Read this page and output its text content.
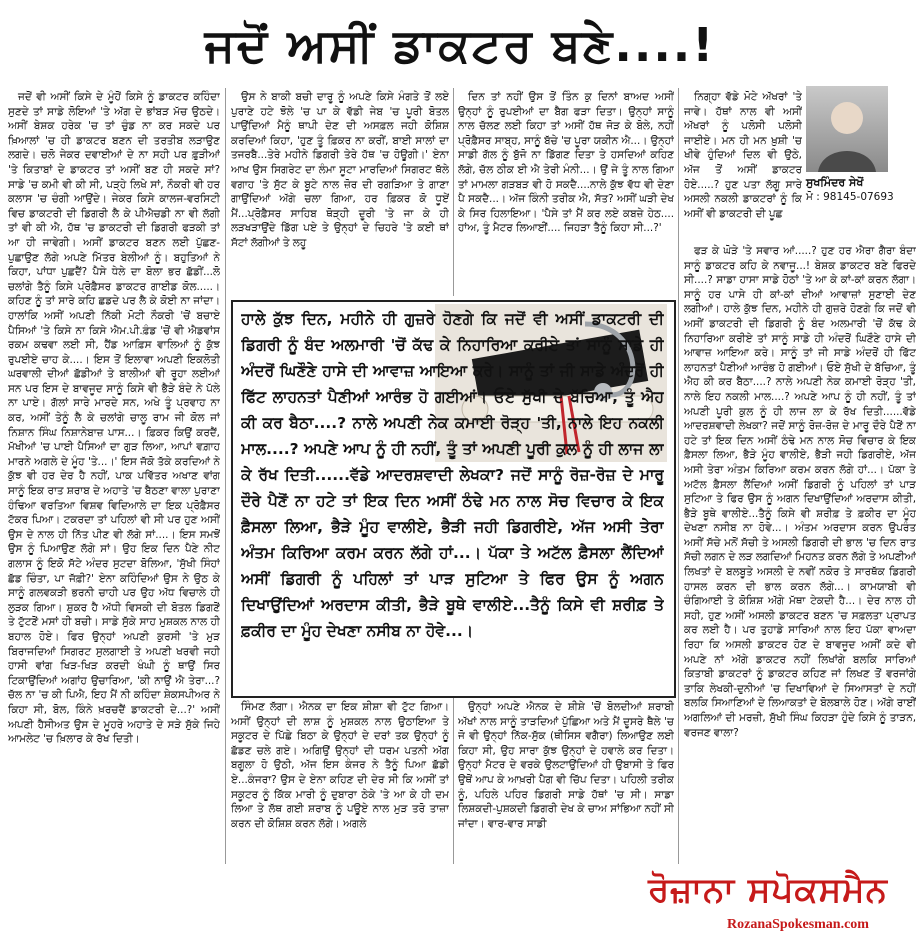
ਜਦੋਂ ਅਸੀਂ ਡਾਕਟਰ ਬਣੇ....!

ਜਦੋਂ ਵੀ ਅਸੀਂ ਕਿਸੇ ਦੇ ਮੂੰਹੋਂ ਕਿਸੇ ਨੂੰ ਡਾਕਟਰ ਕਹਿੰਦਾ ਸੁਣਦੇ ਤਾਂ ਸਾਡੇ ਲੋਇਆਂ 'ਤੇ ਅੱਗ ਦੇ ਭਾਂਬੜ ਮੱਚ ਉਠਦੇ। ਅਸੀਂ ਬੇਸ਼ਕ ਹਰੇਕ 'ਚ ਤਾਂ ਚੁੰਡ ਨਾ ਕਰ ਸਕਦੇ ਪਰ ਖ਼ਿਆਲਾਂ 'ਚ ਹੀ ਡਾਕਟਰ ਬਣਨ ਦੀ ਤਰਤੀਬ ਲੜਾਉਣ ਲਗਦੇ। ਚਲੋ ਜੇਕਰ ਦਵਾਈਆਂ ਦੇ ਨਾ ਸਹੀ ਪਰ ਫ਼ੁੜੀਆਂ 'ਤੇ ਕਿਤਾਬਾਂ ਦੇ ਡਾਕਟਰ ਤਾਂ ਅਸੀਂ ਬਣ ਹੀ ਸਕਦੇ ਸਾਂ? ਸਾਡੇ 'ਚ ਕਮੀ ਵੀ ਕੀ ਸੀ, ਪੜ੍ਹੇ ਲਿਖੇ ਸਾਂ, ਨੌਕਰੀ ਵੀ ਹਰ ਕਲਾਸ 'ਚ ਚੰਗੀ ਆਉਂਦੇ। ਜੇਕਰ ਕਿਸੇ ਕਾਲਜ-ਵਰਸਿਟੀ ਵਿਚ ਡਾਕਟਰੀ ਦੀ ਡਿਗਰੀ ਲੈ ਕੇ ਪੀਐਚਡੀ ਨਾ ਵੀ ਲੱਗੀ ਤਾਂ ਵੀ ਕੀ ਐ, ਹੱਥ 'ਚ ਡਾਕਟਰੀ ਦੀ ਡਿਗਰੀ ਫੜਕੀ ਤਾਂ ਆ ਹੀ ਜਾਵੇਗੀ। ਅਸੀਂ ਡਾਕਟਰ ਬਣਨ ਲਈ ਪੁੱਛਣ-ਪੁਛਾਉਣ ਲੱਗੇ ਅਪਣੇ ਮਿੱਤਰ ਬੇਲੀਆਂ ਨੂੰ। ਬਹੁਤਿਆਂ ਨੇ ਕਿਹਾ, ਪਾਂਧਾ ਪੁਛਦੈਂ? ਪੈਸੇ ਧੇਲੇ ਦਾ ਬੋਲਾ ਭਰ ਛੱਡੀਂ...ਲੋ ਚਲਾਂਗੇ ਤੈਨੂੰ ਕਿਸੇ ਪ੍ਰੋਫ਼ੈਸਰ ਡਾਕਟਰ ਗਾਈਡ ਕੋਲ.....। ਕਹਿਣ ਨੂੰ ਤਾਂ ਸਾਰੇ ਕਹਿ ਛਡਦੇ ਪਰ ਲੈ ਕੇ ਕੋਈ ਨਾ ਜਾਂਦਾ। ਹਾਲਾਂਕਿ ਅਸੀਂ ਅਪਣੀ ਨਿੱਕੀ ਮੋਟੀ ਨੌਕਰੀ 'ਚੋਂ ਬਚਾਏ ਪੈਸਿਆਂ 'ਤੇ ਕਿਸੇ ਨਾ ਕਿਸੇ ਐਮ.ਪੀ.ਫ਼ੰਡ 'ਚੋਂ ਵੀ ਐਡਵਾਂਸ ਰਕਮ ਕਢਵਾ ਲਈ ਸੀ, ਹੈਂਡ ਆਫ਼ਿਸ ਵਾਲਿਆਂ ਨੂੰ ਕੁੱਝ ਰੁਪਈਏ ਚਾਹ ਕੇ....। ਇਸ ਤੋਂ ਇਲਾਵਾ ਅਪਣੀ ਇਕਲੋਤੀ ਘਰਵਾਲੀ ਦੀਆਂ ਛੱਡੀਆਂ ਤੇ ਬਾਲੀਆਂ ਵੀ ਰੂਹਾ ਲਈਆਂ ਸਨ ਪਰ ਇਸ ਦੇ ਬਾਵਜੂਦ ਸਾਨੂੰ ਕਿਸੇ ਵੀ ਭੈੜੇ ਬੰਦੇ ਨੇ ਪੱਲੇ ਨਾ ਪਾਏ। ਗੱਲਾਂ ਸਾਰੇ ਮਾਰਦੇ ਸਨ, ਅਖੇ ਤੂੰ ਪ੍ਰਵਾਹ ਨਾ ਕਰ, ਅਸੀਂ ਤੇਨੂੰ ਲੈ ਕੇ ਚਲਾਂਗੇ ਚਾਲੂ ਰਾਮ ਜੀ ਕੋਲ ਜਾਂ ਨਿਸ਼ਾਨ ਸਿੰਘ ਨਿਸ਼ਾਨੇਬਾਜ਼ ਪਾਸ...। ਫ਼ਿਕਰ ਕਿਉਂ ਕਰਦੈਂ, ਮੱਖੀਆਂ 'ਚ ਪਾਈ ਪੈਸਿਆਂ ਦਾ ਗੁੜ ਲਿਆ, ਆਪਾਂ ਵਗ਼ਾਹ ਮਾਰਨੇ ਅਗਲੇ ਦੇ ਮੂੰਹ 'ਤੇ...।' ਇਸ ਜੱਕੋ ਤੱਕੇ ਕਰਦਿਆਂ ਨੇ ਕੁੱਝ ਵੀ ਹਰ ਦੇਰ ਹੈ ਨਹੀਂ, ਪਾਕ ਪਵਿੱਤਰ ਅਖਾਣ ਵਾਂਗ ਸਾਨੂੰ ਇਕ ਰਾਤ ਸ਼ਰਾਬ ਦੇ ਅਹਾਤੇ 'ਚ ਬੈਠਣਾ ਵਾਲਾ ਪੁਰਾਣਾ ਹੰਢਿਆ ਵਰਤਿਆ ਵਿਸ਼ਵ ਵਿਦਿਆਲੇ ਦਾ ਇਕ ਪ੍ਰੋਫ਼ੈਸਰ ਟੱਕਰ ਪਿਆ। ਟਕਰਦਾ ਤਾਂ ਪਹਿਲਾਂ ਵੀ ਸੀ ਪਰ ਹੁਣ ਅਸੀਂ ਉਸ ਦੇ ਨਾਲ ਹੀ ਨਿੱਤ ਪੀਣ ਵੀ ਲੱਗੇ ਸਾਂ....। ਇਸ ਸਮਝੋਂ ਉਸ ਨੂੰ ਪਿਆਉਣ ਲੱਗੇ ਸਾਂ। ਉਹ ਇਕ ਦਿਨ ਪੈਣੇ ਨੀਟ ਗਲਾਸ ਨੂੰ ਇਕੋ ਸੱਟੇ ਅੰਦਰ ਸੁਟਦਾ ਬੋਲਿਆ, 'ਸੁੱਖੀ ਸਿੰਹਾਂ ਛੱਡ ਚਿੰਤਾ, ਪਾ ਜੱਫ਼ੀ?' ਏਨਾ ਕਹਿੰਦਿਆਂ ਉਸ ਨੇ ਉਠ ਕੇ ਸਾਨੂੰ ਗਲਵਕੜੀ ਭਰਨੀ ਚਾਹੀ ਪਰ ਉਹ ਅੱਧ ਵਿਚਾਲੇ ਹੀ ਲੁੜਕ ਗਿਆ। ਸ਼ੁਕਰ ਹੈ ਅੱਧੀ ਵਿਸਕੀ ਦੀ ਬੋਤਲ ਡਿਗਣੋਂ ਤੇ ਟੁੱਟਣੋਂ ਮਸਾਂ ਹੀ ਬਚੀ। ਸਾਡੇ ਸੁੱਕੇ ਸਾਹ ਮੁਸ਼ਕਲ ਨਾਲ ਹੀ ਬਹਾਲ ਹੋਏ। ਫਿਰ ਉਨ੍ਹਾਂ ਅਪਣੀ ਕੁਰਸੀ 'ਤੇ ਮੁੜ ਬਿਰਾਜਦਿਆਂ ਸਿਗਰਟ ਸੁਲਗਾਈ ਤੇ ਅਪਣੀ ਖਰਵੀ ਜਹੀ ਹਾਸੀ ਵਾਂਗ ਖਿੜ-ਖਿੜ ਕਰਦੀ ਖੰਘੀ ਨੂੰ ਥਾਉਂ ਸਿਰ ਟਿਕਾਉਂਦਿਆਂ ਅਗਾਂਹ ਉਚਾਰਿਆ, 'ਕੀ ਨਾਉਂ ਐ ਤੇਰਾ...? ਚੱਲ ਨਾ 'ਚ ਕੀ ਪਿਐ, ਇਹ ਮੈਂ ਨੀ ਕਹਿੰਦਾ ਸ਼ੇਕਸਪੀਅਰ ਨੇ ਕਿਹਾ ਸੀ, ਬੋਲ, ਕਿੰਨੇ ਖ਼ਰਚਦੈਂ ਡਾਕਟਰੀ ਦੇ...?' ਅਸੀਂ ਅਪਣੀ ਹੈਸੀਅਤ ਉਸ ਦੇ ਮੂਹਰੇ ਅਹਾਤੇ ਦੇ ਸੜੇ ਸੁੱਕੇ ਜਿਹੇ ਆਮਲੇਟ 'ਚ ਖ਼ਿਲਾਰ ਕੇ ਰੱਖ ਦਿਤੀ।

ਉਸ ਨੇ ਬਾਕੀ ਬਚੀ ਦਾਰੂ ਨੂੰ ਅਪਣੇ ਕਿਸੇ ਮੰਗਤੇ ਤੋਂ ਲਏ ਪੁਰਾਣੇ ਹਟੇ ਝੋਲੇ 'ਚ ਪਾ ਕੇ ਵੱਡੀ ਜੇਬ 'ਚ ਪੂਰੀ ਬੋਤਲ ਪਾਉਂਦਿਆਂ ਮੈਨੂੰ ਥਾਪੀ ਦੇਣ ਦੀ ਅਸਫ਼ਲ ਜਹੀ ਕੋਸ਼ਿਸ਼ ਕਰਦਿਆਂ ਕਿਹਾ, 'ਹੁਣ ਤੂੰ ਫ਼ਿਕਰ ਨਾ ਕਰੀਂ, ਬਾਈ ਸਾਲਾਂ ਦਾ ਤਜਰਬੈ...ਤੇਰੇ ਮਹੀਨੇ ਡਿਗਰੀ ਤੇਰੇ ਹੱਥ 'ਚ ਹੋਊਗੀ।' ਏਨਾ ਆਖ ਉਸ ਸਿਗਰੇਟ ਦਾ ਲੰਮਾ ਸੂਟਾ ਮਾਰਦਿਆਂ ਸਿਗਰਟ ਥੱਲੇ ਵਗਾਹ 'ਤੇ ਸੁੱਟ ਕੇ ਬੂਟੇ ਨਾਲ ਜ਼ੋਰ ਦੀ ਰਗੜਿਆ ਤੇ ਗਾਣਾ ਗਾਉਂਦਿਆਂ ਅੱਗੇ ਚਲਾ ਗਿਆ, ਹਰ ਫ਼ਿਕਰ ਕੋ ਧੂਏਂ ਮੈਂ...ਪ੍ਰੋਫ਼ੈਸਰ ਸਾਹਿਬ ਥੋੜ੍ਹੀ ਦੂਰੀ 'ਤੇ ਜਾ ਕੇ ਹੀ ਲੜਖੜਾਉਂਦੇ ਡਿੱਗ ਪਏ ਤੇ ਉਨ੍ਹਾਂ ਦੇ ਚਿਹਰੇ 'ਤੇ ਕਈ ਥਾਂ ਸੱਟਾਂ ਲੱਗੀਆਂ ਤੇ ਲਹੂ

ਸਿੰਮਣ ਲੱਗਾ। ਐਨਕ ਦਾ ਇਕ ਸ਼ੀਸ਼ਾ ਵੀ ਟੁੱਟ ਗਿਆ। ਅਸੀਂ ਉਨ੍ਹਾਂ ਦੀ ਲਾਸ਼ ਨੂੰ ਮੁਸ਼ਕਲ ਨਾਲ ਉਠਾਇਆ ਤੇ ਸਕੂਟਰ ਦੇ ਪਿੱਛੇ ਬਿਠਾ ਕੇ ਉਨ੍ਹਾਂ ਦੇ ਦਰਾਂ ਤਕ ਉਨ੍ਹਾਂ ਨੂੰ ਛੱਡਣ ਚਲੇ ਗਏ। ਅਗਿਉਂ ਉਨ੍ਹਾਂ ਦੀ ਧਰਮ ਪਤਨੀ ਅੱਗ ਬਗੂਲਾ ਹੋ ਉਠੀ, ਅੱਜ ਇਸ ਕੰਜਰ ਨੇ ਤੈਨੂੰ ਪਿਆ ਛੱਡੀ ਏ...ਕੰਜਰਾ? ਉਸ ਦੇ ਏਨਾ ਕਹਿਣ ਦੀ ਦੇਰ ਸੀ ਕਿ ਅਸੀਂ ਤਾਂ ਸਕੂਟਰ ਨੂੰ ਕਿੱਕ ਮਾਰੀ ਨੂੰ ਦੁਬਾਰਾ ਠੇਕੇ 'ਤੇ ਆ ਕੇ ਹੀ ਦਮ ਲਿਆ ਤੇ ਲੱਥ ਗਈ ਸ਼ਰਾਬ ਨੂੰ ਪਊਏ ਨਾਲ ਮੁੜ ਤਰੋ ਤਾਜ਼ਾ ਕਰਨ ਦੀ ਕੋਸ਼ਿਸ਼ ਕਰਨ ਲੱਗੇ। ਅਗਲੇ

ਦਿਨ ਤਾਂ ਨਹੀਂ ਉਸ ਤੋਂ ਤਿੰਨ ਕੁ ਦਿਨਾਂ ਬਾਅਦ ਅਸੀਂ ਉਨ੍ਹਾਂ ਨੂੰ ਰੁਪਈਆਂ ਦਾ ਬੈਗ ਫੜਾ ਦਿਤਾ। ਉਨ੍ਹਾਂ ਸਾਨੂੰ ਨਾਲ ਚੱਲਣ ਲਈ ਕਿਹਾ ਤਾਂ ਅਸੀਂ ਹੱਥ ਜੋੜ ਕੇ ਬੋਲੇ, ਨਹੀਂ ਪ੍ਰੋਫ਼ੈਸਰ ਸਾਬ੍ਹ, ਸਾਨੂੰ ਬੱਚੇ 'ਚ ਪੂਰਾ ਯਕੀਨ ਐ...। ਉਨ੍ਹਾਂ ਸਾਡੀ ਗੱਲ ਨੂੰ ਬੁੱਜੋ ਨਾ ਡਿੱਗਣ ਦਿਤਾ ਤੇ ਹਸਦਿਆਂ ਕਹਿਣ ਲੱਗੇ, ਚੱਲ ਠੀਕ ਈ ਐ ਤੇਰੀ ਮੰਨੀ...। ਉਂ ਜੇ ਤੂੰ ਨਾਲ ਗਿਆ ਤਾਂ ਮਾਮਲਾ ਗੜਬੜ ਵੀ ਹੋ ਸਕਦੈ....ਨਾਲੇ ਕੁੱਝ ਵੱਧ ਵੀ ਦੇਣਾ ਪੈ ਸਕਦੈ...। ਅੱਜ ਕਿੰਨੀ ਤਰੀਕ ਐ, ਸੱਤ? ਅਸੀਂ ਘੜੀ ਦੇਖ ਕੇ ਸਿਰ ਹਿਲਾਇਆ। 'ਪੈਸੇ ਤਾਂ ਮੈਂ ਕਰ ਲਏ ਕਬਜ਼ੇ ਹੇਠ.... ਹਾਂਅ, ਤੂੰ ਮੈਟਰ ਲਿਆਈਂ.... ਜਿਹੜਾ ਤੈਨੂੰ ਕਿਹਾ ਸੀ...?'

ਉਨ੍ਹਾਂ ਅਪਣੇ ਐਨਕ ਦੇ ਸ਼ੀਸ਼ੇ 'ਚੋਂ ਬੋਲਦੀਆਂ ਸ਼ਰਾਬੀ ਅੱਖਾਂ ਨਾਲ ਸਾਨੂੰ ਤਾੜਦਿਆਂ ਪੁੱਛਿਆ ਅਤੇ ਮੈਂ ਦੂਸਰੇ ਥੈਲੇ 'ਚ ਜੋ ਵੀ ਉਨ੍ਹਾਂ ਨਿੱਕ-ਸੁੱਕ (ਥੀਸਿਸ ਵਗੈਰਾ) ਲਿਆਉਣ ਲਈ ਕਿਹਾ ਸੀ, ਉਹ ਸਾਰਾ ਕੁੱਝ ਉਨ੍ਹਾਂ ਦੇ ਹਵਾਲੇ ਕਰ ਦਿਤਾ। ਉਨ੍ਹਾਂ ਮੈਟਰ ਦੇ ਵਰਕੇ ਉਲਟਾਉਂਦਿਆਂ ਹੀ ਉਬਾਸੀ ਤੇ ਫਿਰ ਉਥੋਂ ਆਪ ਕੇ ਆਖ਼ਰੀ ਪੈਗ ਵੀ ਚਿੱਪ ਦਿਤਾ। ਪਹਿਲੀ ਤਰੀਕ ਨੂੰ, ਪਹਿਲੇ ਪਹਿਰ ਡਿਗਰੀ ਸਾਡੇ ਹੱਥਾਂ 'ਚ ਸੀ। ਸਾਡਾ ਲਿਸ਼ਕਦੀ-ਪੁਸ਼ਕਦੀ ਡਿਗਰੀ ਦੇਖ ਕੇ ਚਾਅ ਸਾਂਭਿਆ ਨਹੀਂ ਸੀ ਜਾਂਦਾ। ਵਾਰ-ਵਾਰ ਸਾਡੀ

ਨਿਗ੍ਹਾ ਵੱਡੇ ਮੋਟੇ ਅੱਖਰਾਂ 'ਤੇ ਜਾਵੇ। ਹੱਥਾਂ ਨਾਲ ਵੀ ਅਸੀਂ ਅੱਖਰਾਂ ਨੂੰ ਪਲੋਸੀ ਪਲੋਸੀ ਜਾਈਏ। ਮਨ ਹੀ ਮਨ ਖ਼ੁਸ਼ੀ 'ਚ ਖੀਵੇ ਹੁੰਦਿਆਂ ਦਿਲ ਵੀ ਉਠੇ, ਅੱਜ ਤੋਂ ਅਸੀਂ ਡਾਕਟਰ ਹੋਏ.....? ਹੁਣ ਪਤਾ ਲੱਗੂ ਸਾਰੇ ਅਸਲੀ ਨਕਲੀ ਡਾਕਟਰਾਂ ਨੂੰ ਕਿ ਅਸੀਂ ਵੀ ਡਾਕਟਰੀ ਦੀ ਪੂਛ

ਸੁਖਮਿੰਦਰ ਸੇਖੋਂ
ਮੋ : 98145-07693

ਫੜ ਕੇ ਘੋੜੇ 'ਤੇ ਸਵਾਰ ਆਂ.....? ਹੁਣ ਹਰ ਐਰਾ ਗੈਰਾ ਬੰਦਾ ਸਾਨੂੰ ਡਾਕਟਰ ਕਹਿ ਕੇ ਨਵਾਜੂ...! ਬੇਸ਼ਕ ਡਾਕਟਰ ਬਣੇ ਫਿਰਦੇ ਸੀ....? ਸਾਡਾ ਹਾਸਾ ਸਾਡੇ ਹੋਠਾਂ 'ਤੇ ਆ ਕੇ ਕਾਂ-ਕਾਂ ਕਰਨ ਲੱਗਾ। ਸਾਨੂੰ ਹਰ ਪਾਸੇ ਹੀ ਕਾਂ-ਕਾਂ ਦੀਆਂ ਆਵਾਜ਼ਾਂ ਸੁਣਾਈ ਦੇਣ ਲਗੀਆਂ। ਹਾਲੇ ਕੁੱਝ ਦਿਨ, ਮਹੀਨੇ ਹੀ ਗੁਜ਼ਰੇ ਹੋਣਗੇ ਕਿ ਜਦੋਂ ਵੀ ਅਸੀਂ ਡਾਕਟਰੀ ਦੀ ਡਿਗਰੀ ਨੂੰ ਬੰਦ ਅਲਮਾਰੀ 'ਚੋਂ ਕੱਢ ਕੇ ਨਿਹਾਰਿਆ ਕਰੀਏ ਤਾਂ ਸਾਨੂੰ ਸਾਡੇ ਹੀ ਅੰਦਰੋਂ ਘਿਣੌਣੇ ਹਾਸੇ ਦੀ ਆਵਾਜ਼ ਆਇਆ ਕਰੇ। ਸਾਨੂੰ ਤਾਂ ਜੀ ਸਾਡੇ ਅੰਦਰੋਂ ਹੀ ਫਿੱਟ ਲਾਹਨਤਾਂ ਪੈਣੀਆਂ ਆਰੰਭ ਹੋ ਗਈਆਂ। ਓਏ ਸੁੱਖੀ ਦੇ ਬੱਚਿਆ, ਤੂੰ ਐਹ ਕੀ ਕਰ ਬੈਠਾ....? ਨਾਲੇ ਅਪਣੀ ਨੇਕ ਕਮਾਈ ਰੋੜ੍ਹ 'ਤੀ, ਨਾਲੇ ਇਹ ਨਕਲੀ ਮਾਲ....? ਅਪਣੇ ਆਪ ਨੂੰ ਹੀ ਨਹੀਂ, ਤੂੰ ਤਾਂ ਅਪਣੀ ਪੂਰੀ ਕੁਲ ਨੂੰ ਹੀ ਲਾਜ ਲਾ ਕੇ ਰੱਖ ਦਿਤੀ......ਵੱਡੇ ਆਦਰਸ਼ਵਾਦੀ ਲੇਖਕਾ? ਜਦੋਂ ਸਾਨੂੰ ਰੋਜ਼-ਰੋਜ਼ ਦੇ ਮਾਰੂ ਦੌਰੇ ਪੈਣੋਂ ਨਾ ਹਟੇ ਤਾਂ ਇਕ ਦਿਨ ਅਸੀਂ ਠੰਢੇ ਮਨ ਨਾਲ ਸੋਚ ਵਿਚਾਰ ਕੇ ਇਕ ਫ਼ੈਸਲਾ ਲਿਆ, ਭੈੜੇ ਮੂੰਹ ਵਾਲੀਏ, ਭੈੜੀ ਜਹੀ ਡਿਗਰੀਏ, ਅੱਜ ਅਸੀ ਤੇਰਾ ਅੰਤਮ ਕਿਰਿਆ ਕਰਮ ਕਰਨ ਲੱਗੇ ਹਾਂ...। ਪੱਕਾ ਤੇ ਅਟੱਲ ਫ਼ੈਸਲਾ ਲੈਂਦਿਆਂ ਅਸੀਂ ਡਿਗਰੀ ਨੂੰ ਪਹਿਲਾਂ ਤਾਂ ਪਾੜ ਸੁਟਿਆ ਤੇ ਫਿਰ ਉਸ ਨੂੰ ਅਗਨ ਦਿਖਾਉਂਦਿਆਂ ਅਰਦਾਸ ਕੀਤੀ, ਭੈੜੇ ਬੂਥੇ ਵਾਲੀਏ...ਤੈਨੂੰ ਕਿਸੇ ਵੀ ਸ਼ਰੀਫ਼ ਤੇ ਫ਼ਕੀਰ ਦਾ ਮੂੰਹ ਦੇਖਣਾ ਨਸੀਬ ਨਾ ਹੋਵੇ...। ਅੰਤਮ ਅਰਦਾਸ ਕਰਨ ਉਪਰੰਤ ਅਸੀਂ ਸੱਚੇ ਮਨੋਂ ਸੱਚੀ ਤੇ ਅਸਲੀ ਡਿਗਰੀ ਦੀ ਭਾਲ 'ਚ ਦਿਨ ਰਾਤ ਸੱਚੀ ਲਗਨ ਦੇ ਲੜ ਲਗਦਿਆਂ ਮਿਹਨਤ ਕਰਨ ਲੱਗੇ ਤੇ ਅਪਣੀਆਂ ਲਿਖਤਾਂ ਦੇ ਬਲਬੂਤੇ ਅਸਲੀ ਦੇ ਨਵੀਂ ਨਕੋਰ ਤੇ ਸਾਰਥੱਕ ਡਿਗਰੀ ਹਾਸਲ ਕਰਨ ਦੀ ਭਾਲ ਕਰਨ ਲੱਗੇ...। ਕਾਮਯਾਬੀ ਵੀ ਚੰਗਿਆਈ ਤੇ ਕੋਸ਼ਿਸ਼ ਅੱਗੇ ਮੱਥਾ ਟੇਕਦੀ ਹੈ...। ਦੇਰ ਨਾਲ ਹੀ ਸਹੀ, ਹੁਣ ਅਸੀਂ ਅਸਲੀ ਡਾਕਟਰ ਬਣਨ 'ਚ ਸਫ਼ਲਤਾ ਪ੍ਰਾਪਤ ਕਰ ਲਈ ਹੈ। ਪਰ ਤੁਹਾਡੇ ਸਾਰਿਆਂ ਨਾਲ ਇਹ ਪੱਕਾ ਵਾਅਦਾ ਰਿਹਾ ਕਿ ਅਸਲੀ ਡਾਕਟਰ ਹੋਣ ਦੇ ਬਾਵਜੂਦ ਅਸੀਂ ਕਦੇ ਵੀ ਅਪਣੇ ਨਾਂ ਅੱਗੇ ਡਾਕਟਰ ਨਹੀਂ ਲਿਖਾਂਗੇ ਬਲਕਿ ਸਾਰਿਆਂ ਕਿਤਾਬੀ ਡਾਕਟਰਾਂ ਨੂੰ ਡਾਕਟਰ ਕਹਿਣ ਜਾਂ ਲਿਖਣ ਤੋਂ ਵਰਜਾਂਗੇ ਤਾਕਿ ਲੇਖਕੀ-ਦੁਨੀਆਂ 'ਚ ਦਿਖਾਵਿਆਂ ਦੇ ਸਿਆਸਤਾਂ ਦੇ ਨਹੀਂ ਬਲਕਿ ਸਿਆਣਿਆਂ ਦੇ ਲਿਆਕਤਾਂ ਦੇ ਬੋਲਬਾਲੇ ਹੋਣ। ਅੱਗੇ ਰਾਈਂ ਅਗਲਿਆਂ ਦੀ ਮਰਜ਼ੀ, ਸੁੱਖੀ ਸਿੰਘ ਕਿਹੜਾ ਹੁੰਦੇ ਕਿਸੇ ਨੂੰ ਤਾੜਨ, ਵਰਜਣ ਵਾਲਾ?

ਹਾਲੇ ਕੁੱਝ ਦਿਨ, ਮਹੀਨੇ ਹੀ ਗੁਜ਼ਰੇ ਹੋਣਗੇ ਕਿ ਜਦੋਂ ਵੀ ਅਸੀਂ ਡਾਕਟਰੀ ਦੀ ਡਿਗਰੀ ਨੂੰ ਬੰਦ ਅਲਮਾਰੀ 'ਚੋਂ ਕੱਢ ਕੇ ਨਿਹਾਰਿਆ ਕਰੀਏ ਤਾਂ ਸਾਨੂੰ ਸਾਡੇ ਹੀ ਅੰਦਰੋਂ ਘਿਣੌਣੇ ਹਾਸੇ ਦੀ ਆਵਾਜ਼ ਆਇਆ ਕਰੇ। ਸਾਨੂੰ ਤਾਂ ਜੀ ਸਾਡੇ ਅੰਦਰੋਂ ਹੀ ਫਿੱਟ ਲਾਹਨਤਾਂ ਪੈਣੀਆਂ ਆਰੰਭ ਹੋ ਗਈਆਂ। ਓਏ ਸੁੱਖੀ ਦੇ ਬੱਚਿਆ, ਤੂੰ ਐਹ ਕੀ ਕਰ ਬੈਠਾ....? ਨਾਲੇ ਅਪਣੀ ਨੇਕ ਕਮਾਈ ਰੋੜ੍ਹ 'ਤੀ, ਨਾਲੇ ਇਹ ਨਕਲੀ ਮਾਲ....? ਅਪਣੇ ਆਪ ਨੂੰ ਹੀ ਨਹੀਂ, ਤੂੰ ਤਾਂ ਅਪਣੀ ਪੂਰੀ ਕੁਲ ਨੂੰ ਹੀ ਲਾਜ ਲਾ ਕੇ ਰੱਖ ਦਿਤੀ......ਵੱਡੇ ਆਦਰਸ਼ਵਾਦੀ ਲੇਖਕਾ? ਜਦੋਂ ਸਾਨੂੰ ਰੋਜ਼-ਰੋਜ਼ ਦੇ ਮਾਰੂ ਦੌਰੇ ਪੈਣੋਂ ਨਾ ਹਟੇ ਤਾਂ ਇਕ ਦਿਨ ਅਸੀਂ ਠੰਢੇ ਮਨ ਨਾਲ ਸੋਚ ਵਿਚਾਰ ਕੇ ਇਕ ਫ਼ੈਸਲਾ ਲਿਆ, ਭੈੜੇ ਮੂੰਹ ਵਾਲੀਏ, ਭੈੜੀ ਜਹੀ ਡਿਗਰੀਏ, ਅੱਜ ਅਸੀ ਤੇਰਾ ਅੰਤਮ ਕਿਰਿਆ ਕਰਮ ਕਰਨ ਲੱਗੇ ਹਾਂ...। ਪੱਕਾ ਤੇ ਅਟੱਲ ਫ਼ੈਸਲਾ ਲੈਂਦਿਆਂ ਅਸੀਂ ਡਿਗਰੀ ਨੂੰ ਪਹਿਲਾਂ ਤਾਂ ਪਾੜ ਸੁਟਿਆ ਤੇ ਫਿਰ ਉਸ ਨੂੰ ਅਗਨ ਦਿਖਾਉਂਦਿਆਂ ਅਰਦਾਸ ਕੀਤੀ, ਭੈੜੇ ਬੂਥੇ ਵਾਲੀਏ...ਤੈਨੂੰ ਕਿਸੇ ਵੀ ਸ਼ਰੀਫ਼ ਤੇ ਫ਼ਕੀਰ ਦਾ ਮੂੰਹ ਦੇਖਣਾ ਨਸੀਬ ਨਾ ਹੋਵੇ...।
ਰੋਜ਼ਾਨਾ ਸਪੋਕਸਮੈਨ
RozanaSpokesman.com
